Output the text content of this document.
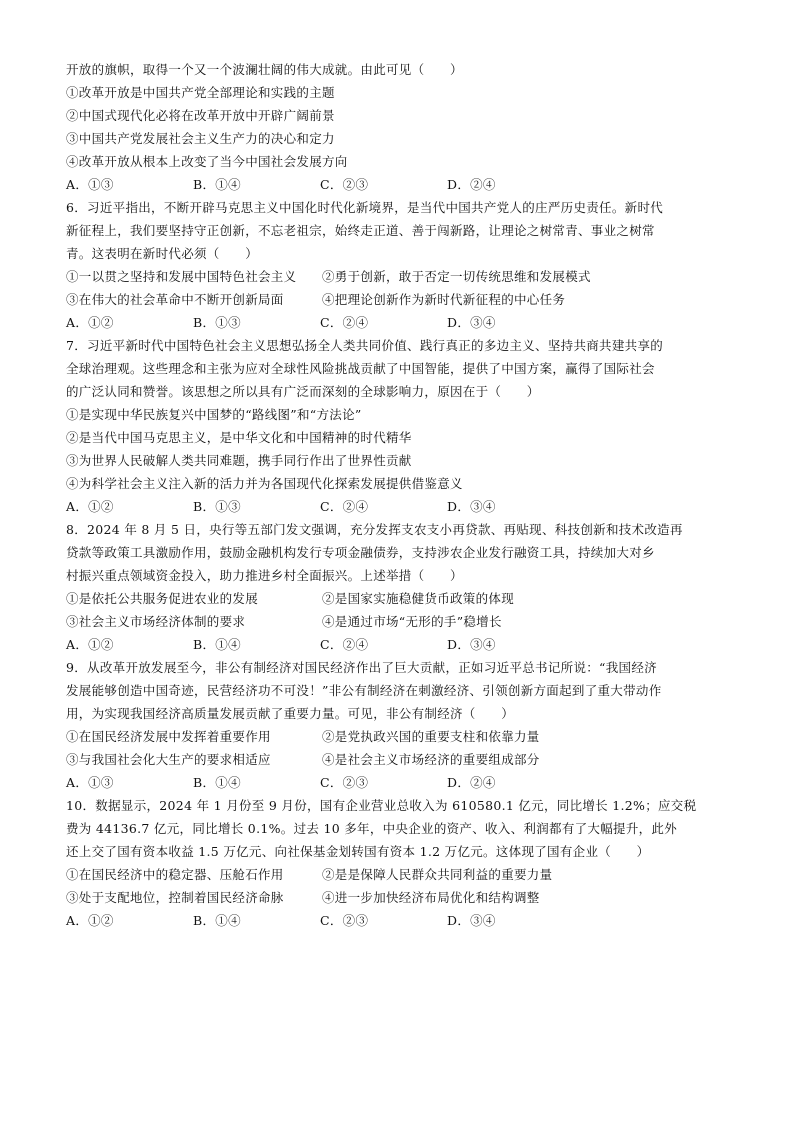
开放的旗帜，取得一个又一个波澜壮阔的伟大成就。由此可见（　　）
①改革开放是中国共产党全部理论和实践的主题
②中国式现代化必将在改革开放中开辟广阔前景
③中国共产党发展社会主义生产力的决心和定力
④改革开放从根本上改变了当今中国社会发展方向
A．①③	B．①④	C．②③	D．②④
6．习近平指出，不断开辟马克思主义中国化时代化新境界，是当代中国共产党人的庄严历史责任。新时代
新征程上，我们要坚持守正创新，不忘老祖宗，始终走正道、善于闯新路，让理论之树常青、事业之树常
青。这表明在新时代必须（　　）
①一以贯之坚持和发展中国特色社会主义	②勇于创新，敢于否定一切传统思维和发展模式
③在伟大的社会革命中不断开创新局面	④把理论创新作为新时代新征程的中心任务
A．①②	B．①③	C．②④	D．③④
7．习近平新时代中国特色社会主义思想弘扬全人类共同价值、践行真正的多边主义、坚持共商共建共享的
全球治理观。这些理念和主张为应对全球性风险挑战贡献了中国智能，提供了中国方案，赢得了国际社会
的广泛认同和赞誉。该思想之所以具有广泛而深刻的全球影响力，原因在于（　　）
①是实现中华民族复兴中国梦的“路线图”和“方法论”
②是当代中国马克思主义，是中华文化和中国精神的时代精华
③为世界人民破解人类共同难题，携手同行作出了世界性贡献
④为科学社会主义注入新的活力并为各国现代化探索发展提供借鉴意义
A．①②	B．①③	C．②④	D．③④
8．2024 年 8 月 5 日，央行等五部门发文强调，充分发挥支农支小再贷款、再贴现、科技创新和技术改造再
贷款等政策工具激励作用，鼓励金融机构发行专项金融债券，支持涉农企业发行融资工具，持续加大对乡
村振兴重点领域资金投入，助力推进乡村全面振兴。上述举措（　　）
①是依托公共服务促进农业的发展	②是国家实施稳健货币政策的体现
③社会主义市场经济体制的要求	④是通过市场“无形的手”稳增长
A．①②	B．①④	C．②④	D．③④
9．从改革开放发展至今，非公有制经济对国民经济作出了巨大贡献，正如习近平总书记所说：“我国经济
发展能够创造中国奇迹，民营经济功不可没！”非公有制经济在刺激经济、引领创新方面起到了重大带动作
用，为实现我国经济高质量发展贡献了重要力量。可见，非公有制经济（　　）
①在国民经济发展中发挥着重要作用	②是党执政兴国的重要支柱和依靠力量
③与我国社会化大生产的要求相适应	④是社会主义市场经济的重要组成部分
A．①③	B．①④	C．②③	D．②④
10．数据显示，2024 年 1 月份至 9 月份，国有企业营业总收入为 610580.1 亿元，同比增长 1.2%；应交税
费为 44136.7 亿元，同比增长 0.1%。过去 10 多年，中央企业的资产、收入、利润都有了大幅提升，此外
还上交了国有资本收益 1.5 万亿元、向社保基金划转国有资本 1.2 万亿元。这体现了国有企业（　　）
①在国民经济中的稳定器、压舱石作用	②是是保障人民群众共同利益的重要力量
③处于支配地位，控制着国民经济命脉	④进一步加快经济布局优化和结构调整
A．①②	B．①④	C．②③	D．③④
